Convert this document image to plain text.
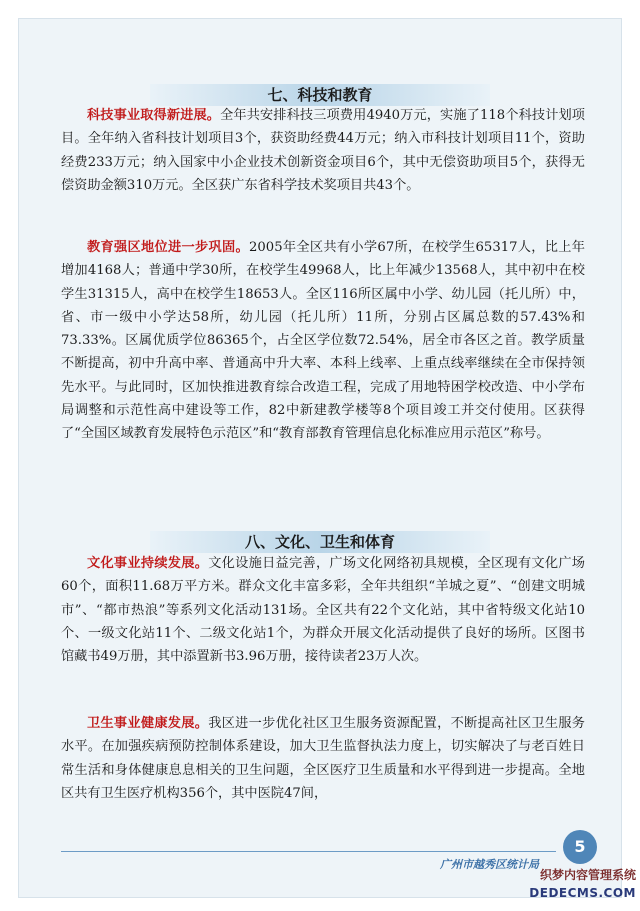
七、科技和教育

科技事业取得新进展。全年共安排科技三项费用4940万元，实施了118个科技计划项目。全年纳入省科技计划项目3个，获资助经费44万元；纳入市科技计划项目11个，资助经费233万元；纳入国家中小企业技术创新资金项目6个，其中无偿资助项目5个，获得无偿资助金额310万元。全区获广东省科学技术奖项目共43个。

教育强区地位进一步巩固。2005年全区共有小学67所，在校学生65317人，比上年增加4168人；普通中学30所，在校学生49968人，比上年减少13568人，其中初中在校学生31315人，高中在校学生18653人。全区116所区属中小学、幼儿园（托儿所）中，省、市一级中小学达58所，幼儿园（托儿所）11所，分别占区属总数的57.43%和73.33%。区属优质学位86365个，占全区学位数72.54%，居全市各区之首。教学质量不断提高，初中升高中率、普通高中升大率、本科上线率、上重点线率继续在全市保持领先水平。与此同时，区加快推进教育综合改造工程，完成了用地特困学校改造、中小学布局调整和示范性高中建设等工作，82中新建教学楼等8个项目竣工并交付使用。区获得了“全国区域教育发展特色示范区”和“教育部教育管理信息化标准应用示范区”称号。

八、文化、卫生和体育

文化事业持续发展。文化设施日益完善，广场文化网络初具规模，全区现有文化广场60个，面积11.68万平方米。群众文化丰富多彩，全年共组织“羊城之夏”、“创建文明城市”、“都市热浪”等系列文化活动131场。全区共有22个文化站，其中省特级文化站10个、一级文化站11个、二级文化站1个，为群众开展文化活动提供了良好的场所。区图书馆藏书49万册，其中添置新书3.96万册，接待读者23万人次。

卫生事业健康发展。我区进一步优化社区卫生服务资源配置，不断提高社区卫生服务水平。在加强疾病预防控制体系建设，加大卫生监督执法力度上，切实解决了与老百姓日常生活和身体健康息息相关的卫生问题，全区医疗卫生质量和水平得到进一步提高。全地区共有卫生医疗机构356个，其中医院47间，

广州市越秀区统计局
5
织梦内容管理系统
DEDECMS.COM
